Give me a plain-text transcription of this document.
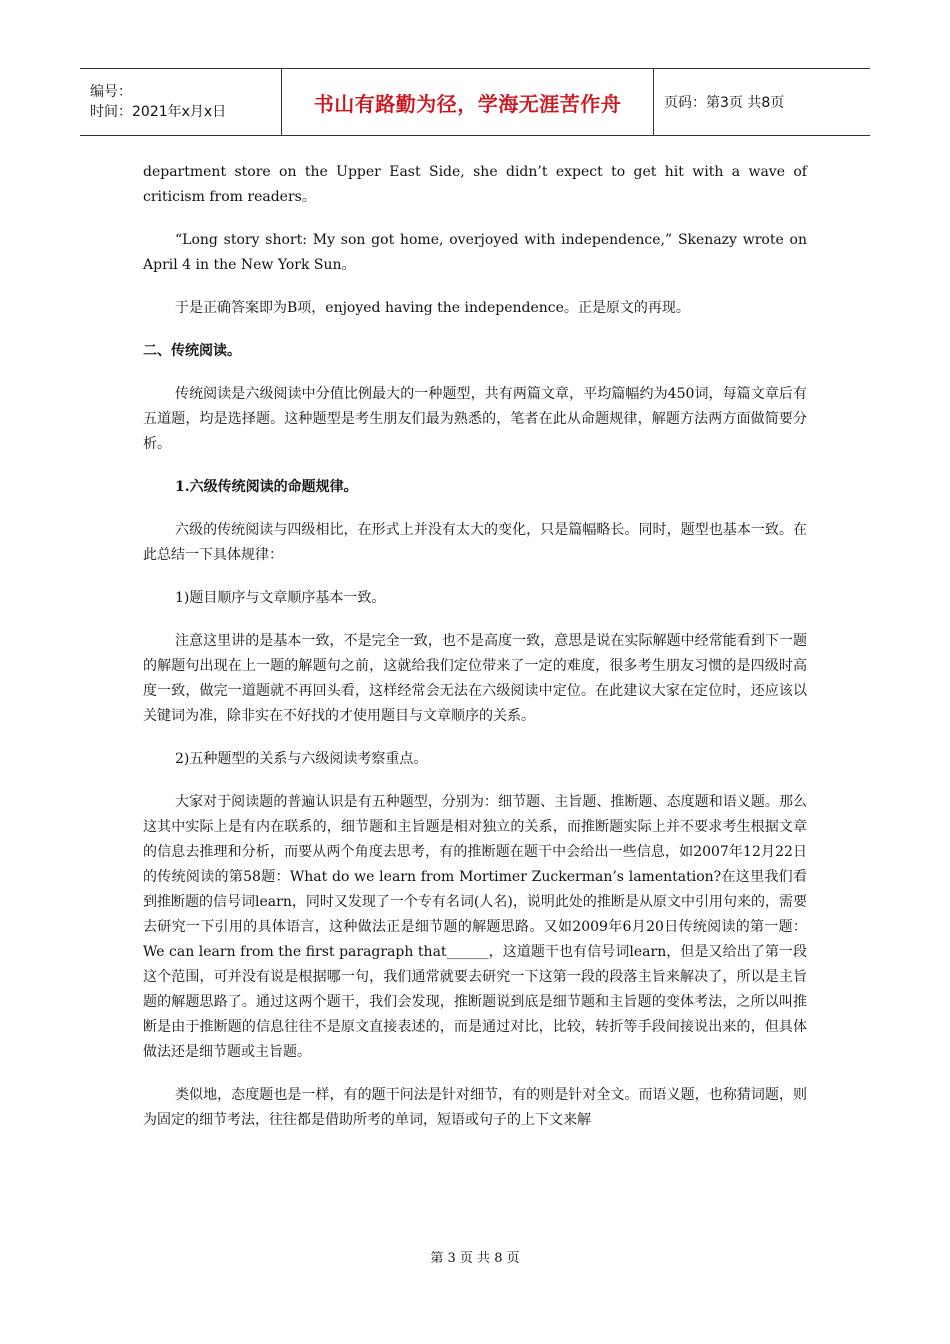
编号：
时间：2021年x月x日	书山有路勤为径，学海无涯苦作舟	页码：第3页 共8页

department store on the Upper East Side, she didn’t expect to get hit with a wave of criticism from readers。

“Long story short: My son got home, overjoyed with independence,” Skenazy wrote on April 4 in the New York Sun。

于是正确答案即为B项，enjoyed having the independence。正是原文的再现。

二、传统阅读。

传统阅读是六级阅读中分值比例最大的一种题型，共有两篇文章，平均篇幅约为450词，每篇文章后有五道题，均是选择题。这种题型是考生朋友们最为熟悉的，笔者在此从命题规律，解题方法两方面做简要分析。

1.六级传统阅读的命题规律。

六级的传统阅读与四级相比，在形式上并没有太大的变化，只是篇幅略长。同时，题型也基本一致。在此总结一下具体规律：

1)题目顺序与文章顺序基本一致。

注意这里讲的是基本一致，不是完全一致，也不是高度一致，意思是说在实际解题中经常能看到下一题的解题句出现在上一题的解题句之前，这就给我们定位带来了一定的难度，很多考生朋友习惯的是四级时高度一致，做完一道题就不再回头看，这样经常会无法在六级阅读中定位。在此建议大家在定位时，还应该以关键词为准，除非实在不好找的才使用题目与文章顺序的关系。

2)五种题型的关系与六级阅读考察重点。

大家对于阅读题的普遍认识是有五种题型，分别为：细节题、主旨题、推断题、态度题和语义题。那么这其中实际上是有内在联系的，细节题和主旨题是相对独立的关系，而推断题实际上并不要求考生根据文章的信息去推理和分析，而要从两个角度去思考，有的推断题在题干中会给出一些信息，如2007年12月22日的传统阅读的第58题：What do we learn from Mortimer Zuckerman’s lamentation?在这里我们看到推断题的信号词learn，同时又发现了一个专有名词(人名)，说明此处的推断是从原文中引用句来的，需要去研究一下引用的具体语言，这种做法正是细节题的解题思路。又如2009年6月20日传统阅读的第一题： We can learn from the first paragraph that______，这道题干也有信号词learn，但是又给出了第一段这个范围，可并没有说是根据哪一句，我们通常就要去研究一下这第一段的段落主旨来解决了，所以是主旨题的解题思路了。通过这两个题干，我们会发现，推断题说到底是细节题和主旨题的变体考法，之所以叫推断是由于推断题的信息往往不是原文直接表述的，而是通过对比，比较，转折等手段间接说出来的，但具体做法还是细节题或主旨题。

类似地，态度题也是一样，有的题干问法是针对细节，有的则是针对全文。而语义题，也称猜词题，则为固定的细节考法，往往都是借助所考的单词，短语或句子的上下文来解

第 3 页 共 8 页
